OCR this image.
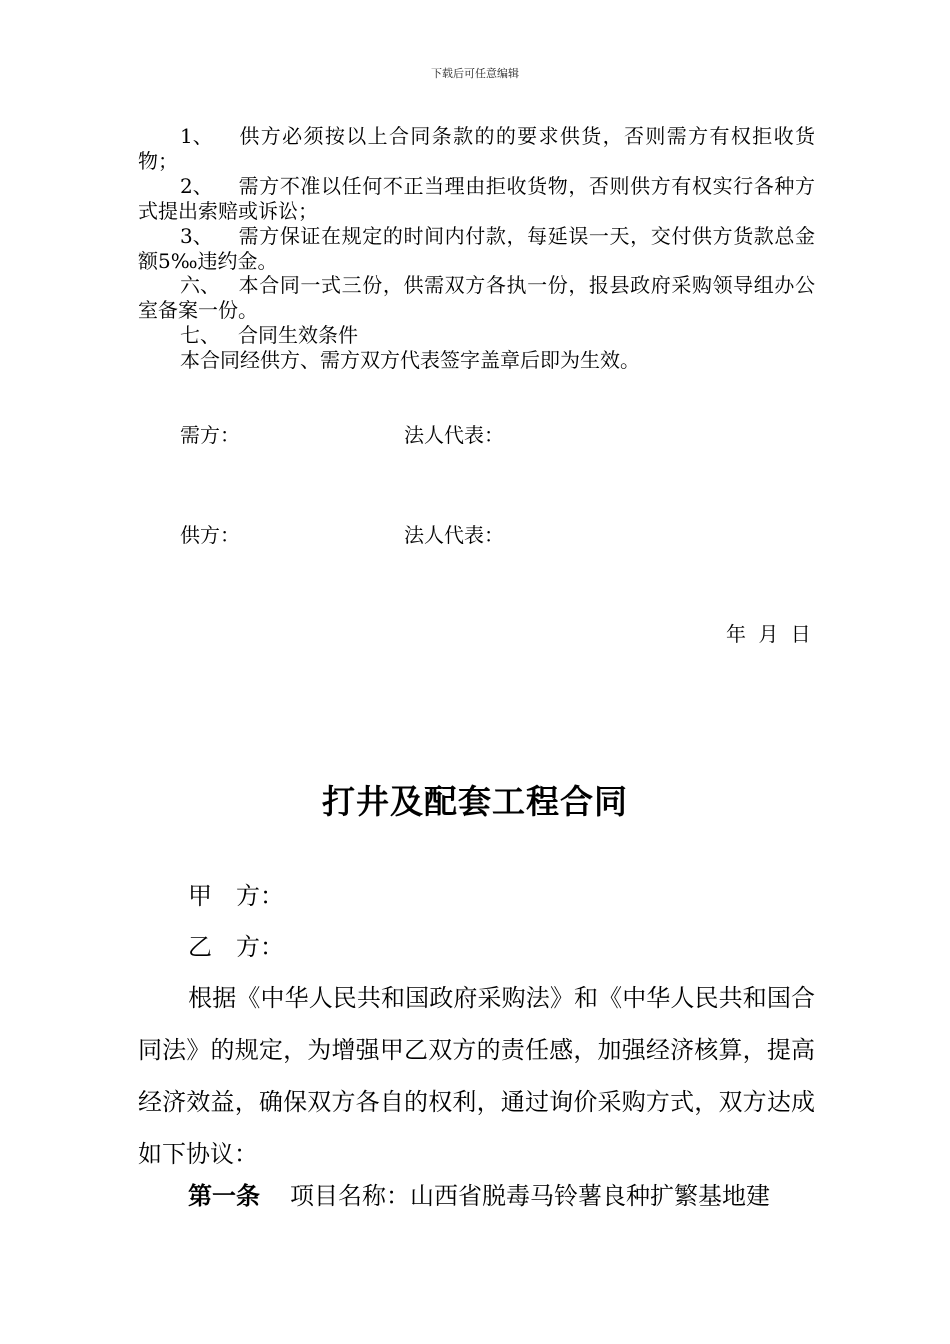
下载后可任意编辑
1、 供方必须按以上合同条款的的要求供货，否则需方有权拒收货物；
2、 需方不准以任何不正当理由拒收货物，否则供方有权实行各种方式提出索赔或诉讼；
3、 需方保证在规定的时间内付款，每延误一天，交付供方货款总金额5‰违约金。
六、 本合同一式三份，供需双方各执一份，报县政府采购领导组办公室备案一份。
七、 合同生效条件
本合同经供方、需方双方代表签字盖章后即为生效。
需方：	法人代表：
供方：	法人代表：
年 月 日
打井及配套工程合同
甲　方：
乙　方：
根据《中华人民共和国政府采购法》和《中华人民共和国合同法》的规定，为增强甲乙双方的责任感，加强经济核算，提高经济效益，确保双方各自的权利，通过询价采购方式，双方达成如下协议：
第一条 项目名称：山西省脱毒马铃薯良种扩繁基地建
